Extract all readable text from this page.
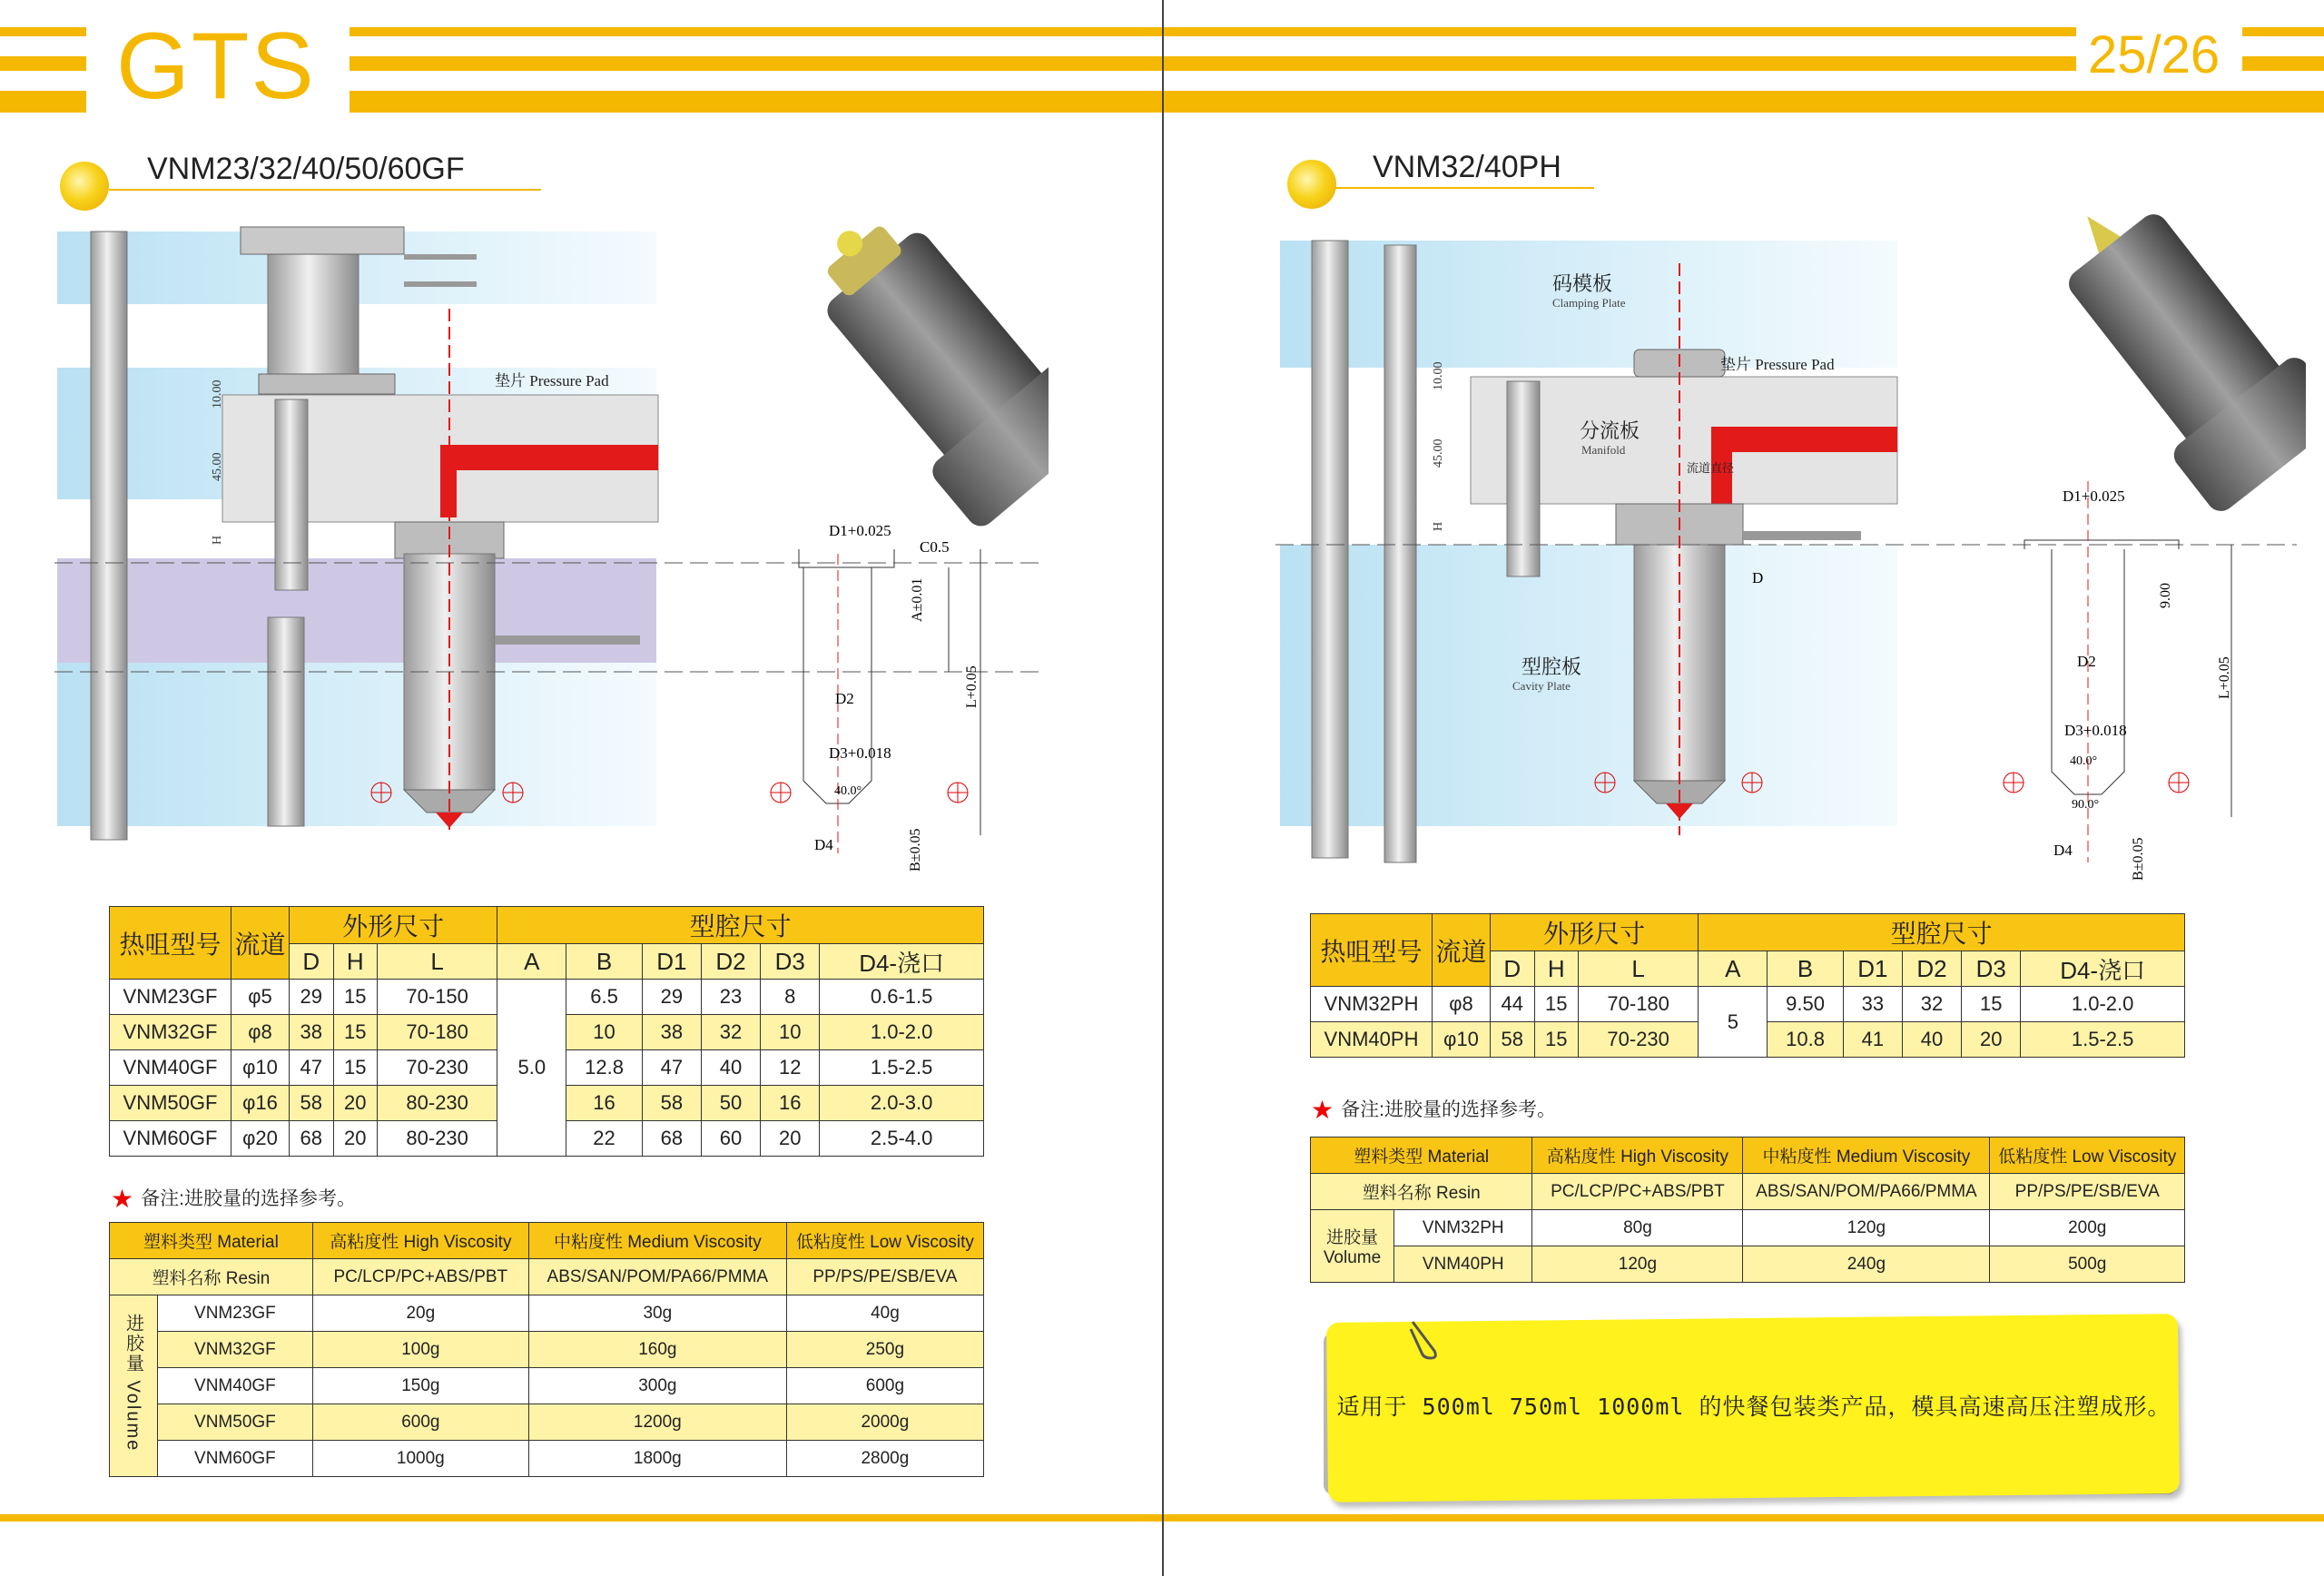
GTS	25/26
VNM23/32/40/50/60GF
垫片 Pressure Pad
10.00
45.00
H
D1+0.025
C0.5
D2
D3+0.018
40.0°
D4
A±0.01
L+0.05
B±0.05
热咀型号	流道	外形尺寸			型腔尺寸					
		D	H	L	A	B	D1	D2	D3	D4-浇口
VNM23GF	φ5	29	15	70-150	5.0	6.5	29	23	8	0.6-1.5
VNM32GF	φ8	38	15	70-180		10	38	32	10	1.0-2.0
VNM40GF	φ10	47	15	70-230		12.8	47	40	12	1.5-2.5
VNM50GF	φ16	58	20	80-230		16	58	50	16	2.0-3.0
VNM60GF	φ20	68	20	80-230		22	68	60	20	2.5-4.0
★ 备注:进胶量的选择参考。
塑料类型 Material		高粘度性 High Viscosity	中粘度性 Medium Viscosity	低粘度性 Low Viscosity
塑料名称 Resin		PC/LCP/PC+ABS/PBT	ABS/SAN/POM/PA66/PMMA	PP/PS/PE/SB/EVA
进胶量 Volume	VNM23GF	20g	30g	40g
	VNM32GF	100g	160g	250g
	VNM40GF	150g	300g	600g
	VNM50GF	600g	1200g	2000g
	VNM60GF	1000g	1800g	2800g
VNM32/40PH
码模板
Clamping Plate
垫片 Pressure Pad
分流板
Manifold
流道直径
型腔板
Cavity Plate
D
10.00
45.00
H
D1+0.025
D2
D3+0.018
40.0°
90.0°
D4
9.00
L+0.05
B±0.05
热咀型号	流道	外形尺寸			型腔尺寸					
		D	H	L	A	B	D1	D2	D3	D4-浇口
VNM32PH	φ8	44	15	70-180	5	9.50	33	32	15	1.0-2.0
VNM40PH	φ10	58	15	70-230		10.8	41	40	20	1.5-2.5
★ 备注:进胶量的选择参考。
塑料类型 Material		高粘度性 High Viscosity	中粘度性 Medium Viscosity	低粘度性 Low Viscosity
塑料名称 Resin		PC/LCP/PC+ABS/PBT	ABS/SAN/POM/PA66/PMMA	PP/PS/PE/SB/EVA
进胶量
Volume	VNM32PH	80g	120g	200g
	VNM40PH	120g	240g	500g
适用于 500ml 750ml 1000ml 的快餐包装类产品，模具高速高压注塑成形。
